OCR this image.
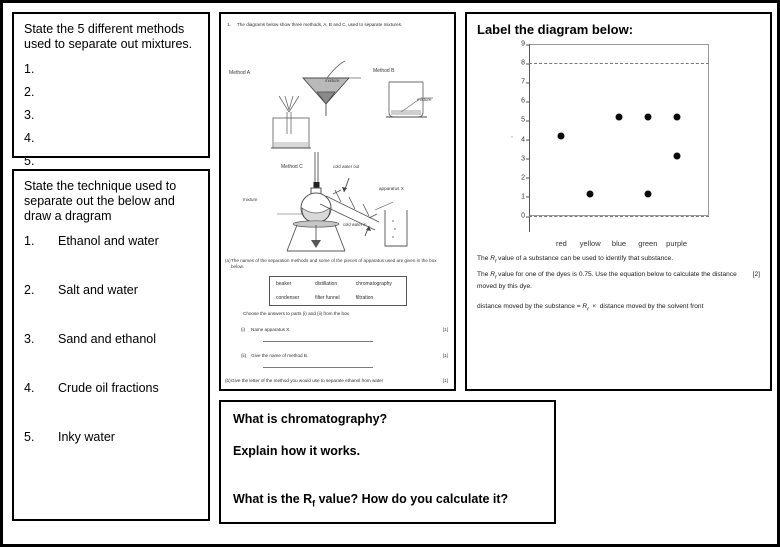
State the 5 different methods used to separate out mixtures.

1.
2.
3.
4.
5.

State the technique used to separate out the below and draw a dragram

1.	Ethanol and water
2.	Salt and water
3.	Sand and ethanol
4.	Crude oil fractions
5.	Inky water
1. The diagrams below show three methods, A, B and C, used to separate mixtures.
Method A
mixture
Method B
mixture
Method C	cold water out
apparatus X
mixture
cold water in
(a) The names of the separation methods and some of the pieces of apparatus used are given in the box below.
beaker	distillation	chromatography
condenser	filter funnel	filtration
Choose the answers to parts (i) and (ii) from the box
(i) Name apparatus X.	[1]
(ii) Give the name of method B.	[1]
(b) Give the letter of the method you would use to separate ethanol from water	[1]
Label the diagram below:
,
9
8
7
6
5
4
3
2
1
0
red yellow blue green purple
The $R_f$ value of a substance can be used to identify that substance.
[2]
The $R_f$ value for one of the dyes is 0.75. Use the equation below to calculate the distance moved by this dye.
distance moved by the substance = $R_f$  ×  distance moved by the solvent front

What is chromatography?

Explain how it works.

What is the $R_f$ value? How do you calculate it?
